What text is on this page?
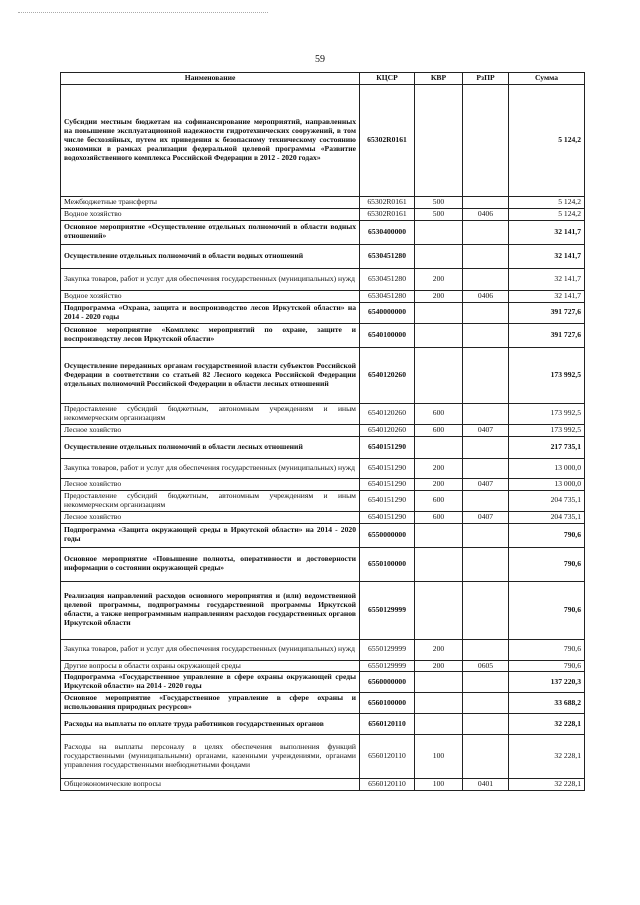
59
Наименование	КЦСР	КВР	РзПР	Сумма
Субсидии местным бюджетам на софинансирование мероприятий, направленных на повышение эксплуатационной надежности гидротехнических сооружений, в том числе бесхозяйных, путем их приведения к безопасному техническому состоянию экономики в рамках реализации федеральной целевой программы «Развитие водохозяйственного комплекса Российской Федерации в 2012 - 2020 годах»	65302R0161			5 124,2
Межбюджетные трансферты	65302R0161	500		5 124,2
Водное хозяйство	65302R0161	500	0406	5 124,2
Основное мероприятие «Осуществление отдельных полномочий в области водных отношений»	6530400000			32 141,7
Осуществление отдельных полномочий в области водных отношений	6530451280			32 141,7
Закупка товаров, работ и услуг для обеспечения государственных (муниципальных) нужд	6530451280	200		32 141,7
Водное хозяйство	6530451280	200	0406	32 141,7
Подпрограмма «Охрана, защита и воспроизводство лесов Иркутской области» на 2014 - 2020 годы	6540000000			391 727,6
Основное мероприятие «Комплекс мероприятий по охране, защите и воспроизводству лесов Иркутской области»	6540100000			391 727,6
Осуществление переданных органам государственной власти субъектов Российской Федерации в соответствии со статьей 82 Лесного кодекса Российской Федерации отдельных полномочий Российской Федерации в области лесных отношений	6540120260			173 992,5
Предоставление субсидий бюджетным, автономным учреждениям и иным некоммерческим организациям	6540120260	600		173 992,5
Лесное хозяйство	6540120260	600	0407	173 992,5
Осуществление отдельных полномочий в области лесных отношений	6540151290			217 735,1
Закупка товаров, работ и услуг для обеспечения государственных (муниципальных) нужд	6540151290	200		13 000,0
Лесное хозяйство	6540151290	200	0407	13 000,0
Предоставление субсидий бюджетным, автономным учреждениям и иным некоммерческим организациям	6540151290	600		204 735,1
Лесное хозяйство	6540151290	600	0407	204 735,1
Подпрограмма «Защита окружающей среды в Иркутской области» на 2014 - 2020 годы	6550000000			790,6
Основное мероприятие «Повышение полноты, оперативности и достоверности информации о состоянии окружающей среды»	6550100000			790,6
Реализация направлений расходов основного мероприятия и (или) ведомственной целевой программы, подпрограммы государственной программы Иркутской области, а также непрограммным направлениям расходов государственных органов Иркутской области	6550129999			790,6
Закупка товаров, работ и услуг для обеспечения государственных (муниципальных) нужд	6550129999	200		790,6
Другие вопросы в области охраны окружающей среды	6550129999	200	0605	790,6
Подпрограмма «Государственное управление в сфере охраны окружающей среды Иркутской области» на 2014 - 2020 годы	6560000000			137 220,3
Основное мероприятие «Государственное управление в сфере охраны и использования природных ресурсов»	6560100000			33 688,2
Расходы на выплаты по оплате труда работников государственных органов	6560120110			32 228,1
Расходы на выплаты персоналу в целях обеспечения выполнения функций государственными (муниципальными) органами, казенными учреждениями, органами управления государственными внебюджетными фондами	6560120110	100		32 228,1
Общеэкономические вопросы	6560120110	100	0401	32 228,1
